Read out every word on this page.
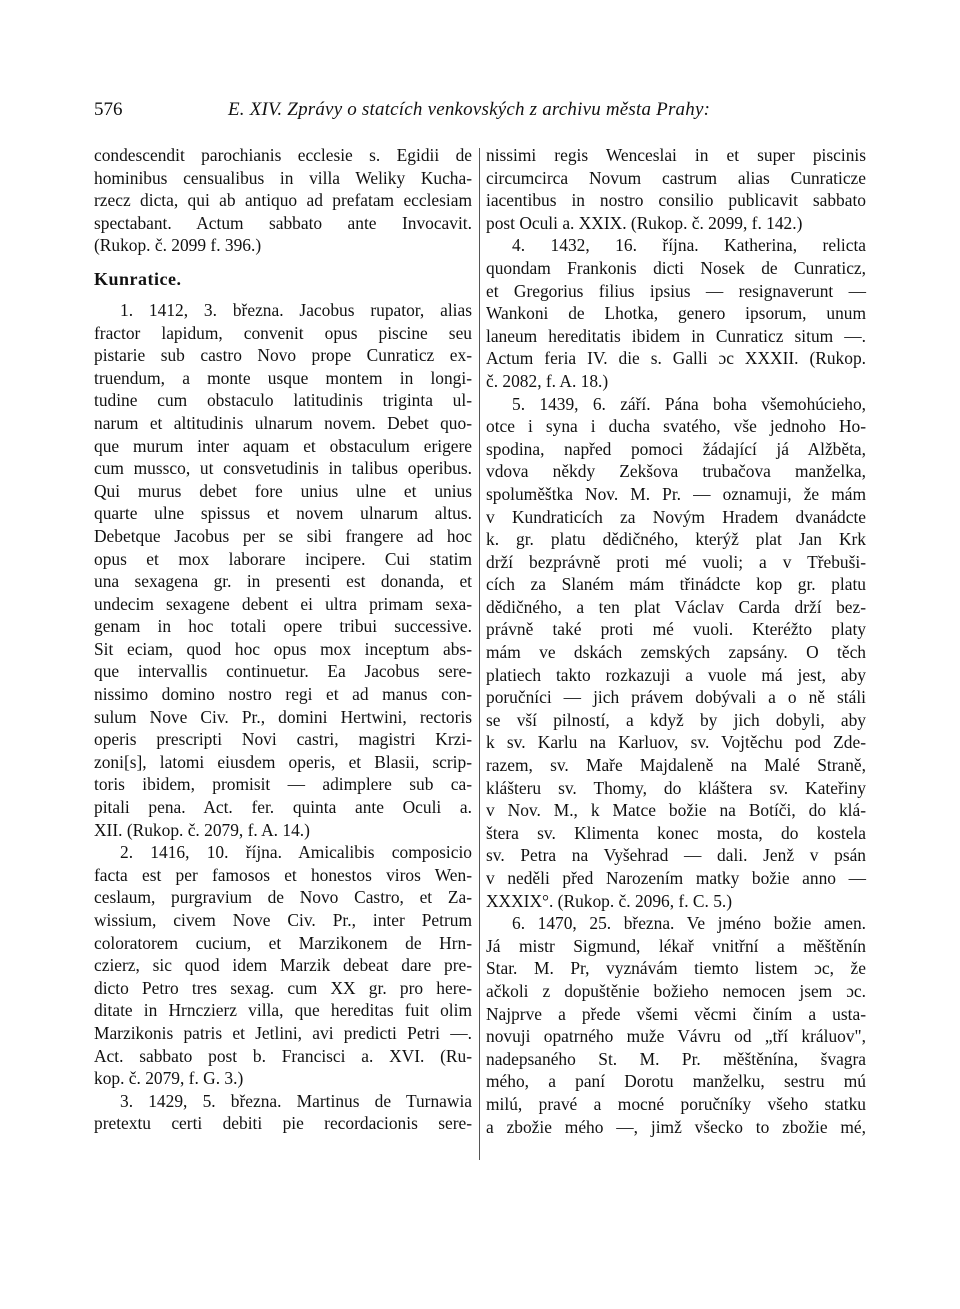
576	E. XIV. Zprávy o statcích venkovských z archivu města Prahy:
condescendit parochianis ecclesie s. Egidii de
hominibus censualibus in villa Weliky Kucha-
rzecz dicta, qui ab antiquo ad prefatam ecclesiam
spectabant. Actum sabbato ante Invocavit.
(Rukop. č. 2099 f. 396.)
Kunratice.
1. 1412, 3. března. Jacobus rupator, alias
fractor lapidum, convenit opus piscine seu
pistarie sub castro Novo prope Cunraticz ex-
truendum, a monte usque montem in longi-
tudine cum obstaculo latitudinis triginta ul-
narum et altitudinis ulnarum novem. Debet quo-
que murum inter aquam et obstaculum erigere
cum mussco, ut consvetudinis in talibus operibus.
Qui murus debet fore unius ulne et unius
quarte ulne spissus et novem ulnarum altus.
Debetque Jacobus per se sibi frangere ad hoc
opus et mox laborare incipere. Cui statim
una sexagena gr. in presenti est donanda, et
undecim sexagene debent ei ultra primam sexa-
genam in hoc totali opere tribui successive.
Sit eciam, quod hoc opus mox inceptum abs-
que intervallis continuetur. Ea Jacobus sere-
nissimo domino nostro regi et ad manus con-
sulum Nove Civ. Pr., domini Hertwini, rectoris
operis prescripti Novi castri, magistri Krzi-
zoni[s], latomi eiusdem operis, et Blasii, scrip-
toris ibidem, promisit — adimplere sub ca-
pitali pena. Act. fer. quinta ante Oculi a.
XII. (Rukop. č. 2079, f. A. 14.)
2. 1416, 10. října. Amicalibis composicio
facta est per famosos et honestos viros Wen-
ceslaum, purgravium de Novo Castro, et Za-
wissium, civem Nove Civ. Pr., inter Petrum
coloratorem cucium, et Marzikonem de Hrn-
czierz, sic quod idem Marzik debeat dare pre-
dicto Petro tres sexag. cum XX gr. pro here-
ditate in Hrnczierz villa, que hereditas fuit olim
Marzikonis patris et Jetlini, avi predicti Petri —.
Act. sabbato post b. Francisci a. XVI. (Ru-
kop. č. 2079, f. G. 3.)
3. 1429, 5. března. Martinus de Turnawia
pretextu certi debiti pie recordacionis sere-
nissimi regis Wenceslai in et super piscinis
circumcirca Novum castrum alias Cunraticze
iacentibus in nostro consilio publicavit sabbato
post Oculi a. XXIX. (Rukop. č. 2099, f. 142.)
4. 1432, 16. října. Katherina, relicta
quondam Frankonis dicti Nosek de Cunraticz,
et Gregorius filius ipsius — resignaverunt —
Wankoni de Lhotka, genero ipsorum, unum
laneum hereditatis ibidem in Cunraticz situm —.
Actum feria IV. die s. Galli ɔc XXXII. (Rukop.
č. 2082, f. A. 18.)
5. 1439, 6. září. Pána boha všemohúcieho,
otce i syna i ducha svatého, vše jednoho Ho-
spodina, napřed pomoci žádající já Alžběta,
vdova někdy Zekšova trubačova manželka,
spoluměštka Nov. M. Pr. — oznamuji, že mám
v Kundraticích za Novým Hradem dvanádcte
k. gr. platu dědičného, kterýž plat Jan Krk
drží bezprávně proti mé vuoli; a v Třebuši-
cích za Slaném mám třinádcte kop gr. platu
dědičného, a ten plat Václav Carda drží bez-
právně také proti mé vuoli. Kteréžto platy
mám ve dskách zemských zapsány. O těch
platiech takto rozkazuji a vuole má jest, aby
poručníci — jich právem dobývali a o ně stáli
se vší pilností, a když by jich dobyli, aby
k sv. Karlu na Karluov, sv. Vojtěchu pod Zde-
razem, sv. Maře Majdaleně na Malé Straně,
klášteru sv. Thomy, do kláštera sv. Kateřiny
v Nov. M., k Matce božie na Botíči, do klá-
štera sv. Klimenta konec mosta, do kostela
sv. Petra na Vyšehrad — dali. Jenž v psán
v neděli před Narozením matky božie anno —
XXXIX°. (Rukop. č. 2096, f. C. 5.)
6. 1470, 25. března. Ve jméno božie amen.
Já mistr Sigmund, lékař vnitřní a měštěnín
Star. M. Pr, vyznávám tiemto listem ɔc, že
ačkoli z dopuštěnie božieho nemocen jsem ɔc.
Najprve a přede všemi věcmi činím a usta-
novuji opatrného muže Vávru od „tří králuov",
nadepsaného St. M. Pr. měštěnína, švagra
mého, a paní Dorotu manželku, sestru mú
milú, pravé a mocné poručníky všeho statku
a zbožie mého —, jimž všecko to zbožie mé,
